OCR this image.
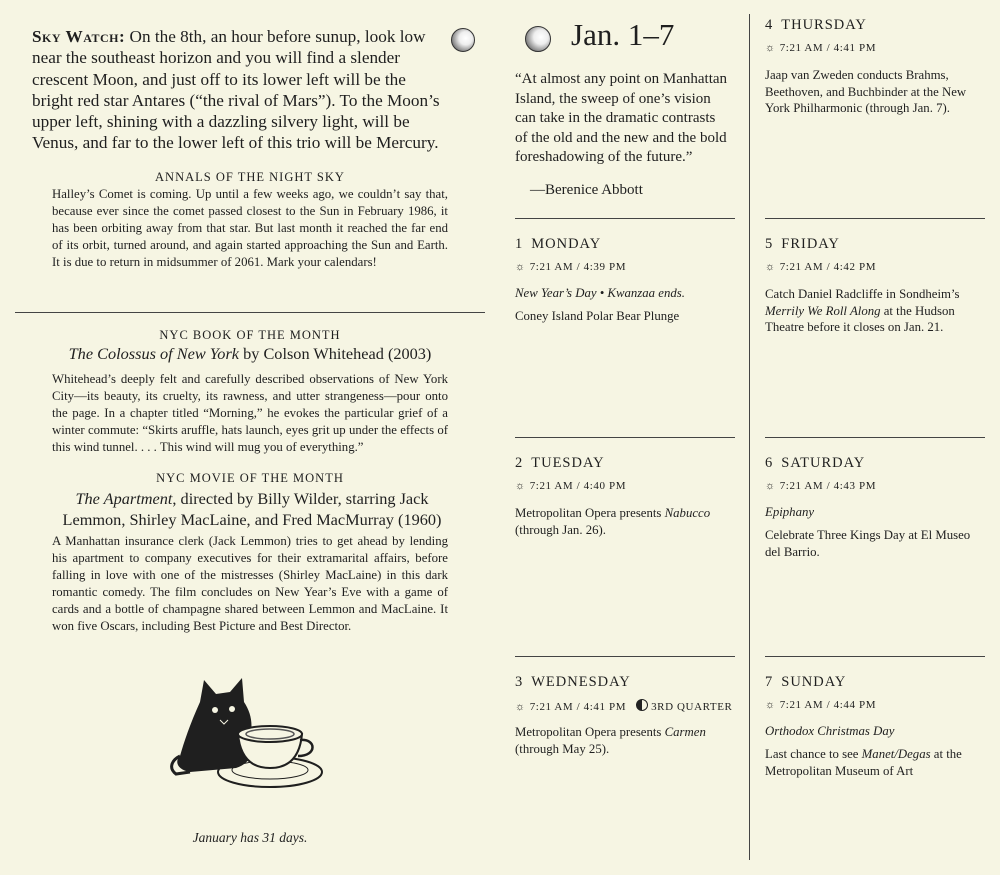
Sky Watch: On the 8th, an hour before sunup, look low near the southeast horizon and you will find a slender crescent Moon, and just off to its lower left will be the bright red star Antares (“the rival of Mars”). To the Moon’s upper left, shining with a dazzling silvery light, will be Venus, and far to the lower left of this trio will be Mercury.
ANNALS OF THE NIGHT SKY
Halley’s Comet is coming. Up until a few weeks ago, we couldn’t say that, because ever since the comet passed closest to the Sun in February 1986, it has been orbiting away from that star. But last month it reached the far end of its orbit, turned around, and again started approaching the Sun and Earth. It is due to return in midsummer of 2061. Mark your calendars!
NYC BOOK OF THE MONTH
The Colossus of New York by Colson Whitehead (2003)
Whitehead’s deeply felt and carefully described observations of New York City—its beauty, its cruelty, its rawness, and utter strangeness—pour onto the page. In a chapter titled “Morning,” he evokes the particular grief of a winter commute: “Skirts aruffle, hats launch, eyes grit up under the effects of this wind tunnel. . . . This wind will mug you of everything.”
NYC MOVIE OF THE MONTH
The Apartment, directed by Billy Wilder, starring Jack Lemmon, Shirley MacLaine, and Fred MacMurray (1960)
A Manhattan insurance clerk (Jack Lemmon) tries to get ahead by lending his apartment to company executives for their extramarital affairs, before falling in love with one of the mistresses (Shirley MacLaine) in this dark romantic comedy. The film concludes on New Year’s Eve with a game of cards and a bottle of champagne shared between Lemmon and MacLaine. It won five Oscars, including Best Picture and Best Director.
January has 31 days.
Jan. 1–7
“At almost any point on Manhattan Island, the sweep of one’s vision can take in the dramatic contrasts of the old and the new and the bold foreshadowing of the future.”
—Berenice Abbott
1 MONDAY
☼ 7:21 AM / 4:39 PM
New Year’s Day • Kwanzaa ends.
Coney Island Polar Bear Plunge
2 TUESDAY
☼ 7:21 AM / 4:40 PM
Metropolitan Opera presents Nabucco (through Jan. 26).
3 WEDNESDAY
☼ 7:21 AM / 4:41 PM 3RD QUARTER
Metropolitan Opera presents Carmen (through May 25).
4 THURSDAY
☼ 7:21 AM / 4:41 PM
Jaap van Zweden conducts Brahms, Beethoven, and Buchbinder at the New York Philharmonic (through Jan. 7).
5 FRIDAY
☼ 7:21 AM / 4:42 PM
Catch Daniel Radcliffe in Sondheim’s Merrily We Roll Along at the Hudson Theatre before it closes on Jan. 21.
6 SATURDAY
☼ 7:21 AM / 4:43 PM
Epiphany
Celebrate Three Kings Day at El Museo del Barrio.
7 SUNDAY
☼ 7:21 AM / 4:44 PM
Orthodox Christmas Day
Last chance to see Manet/Degas at the Metropolitan Museum of Art
